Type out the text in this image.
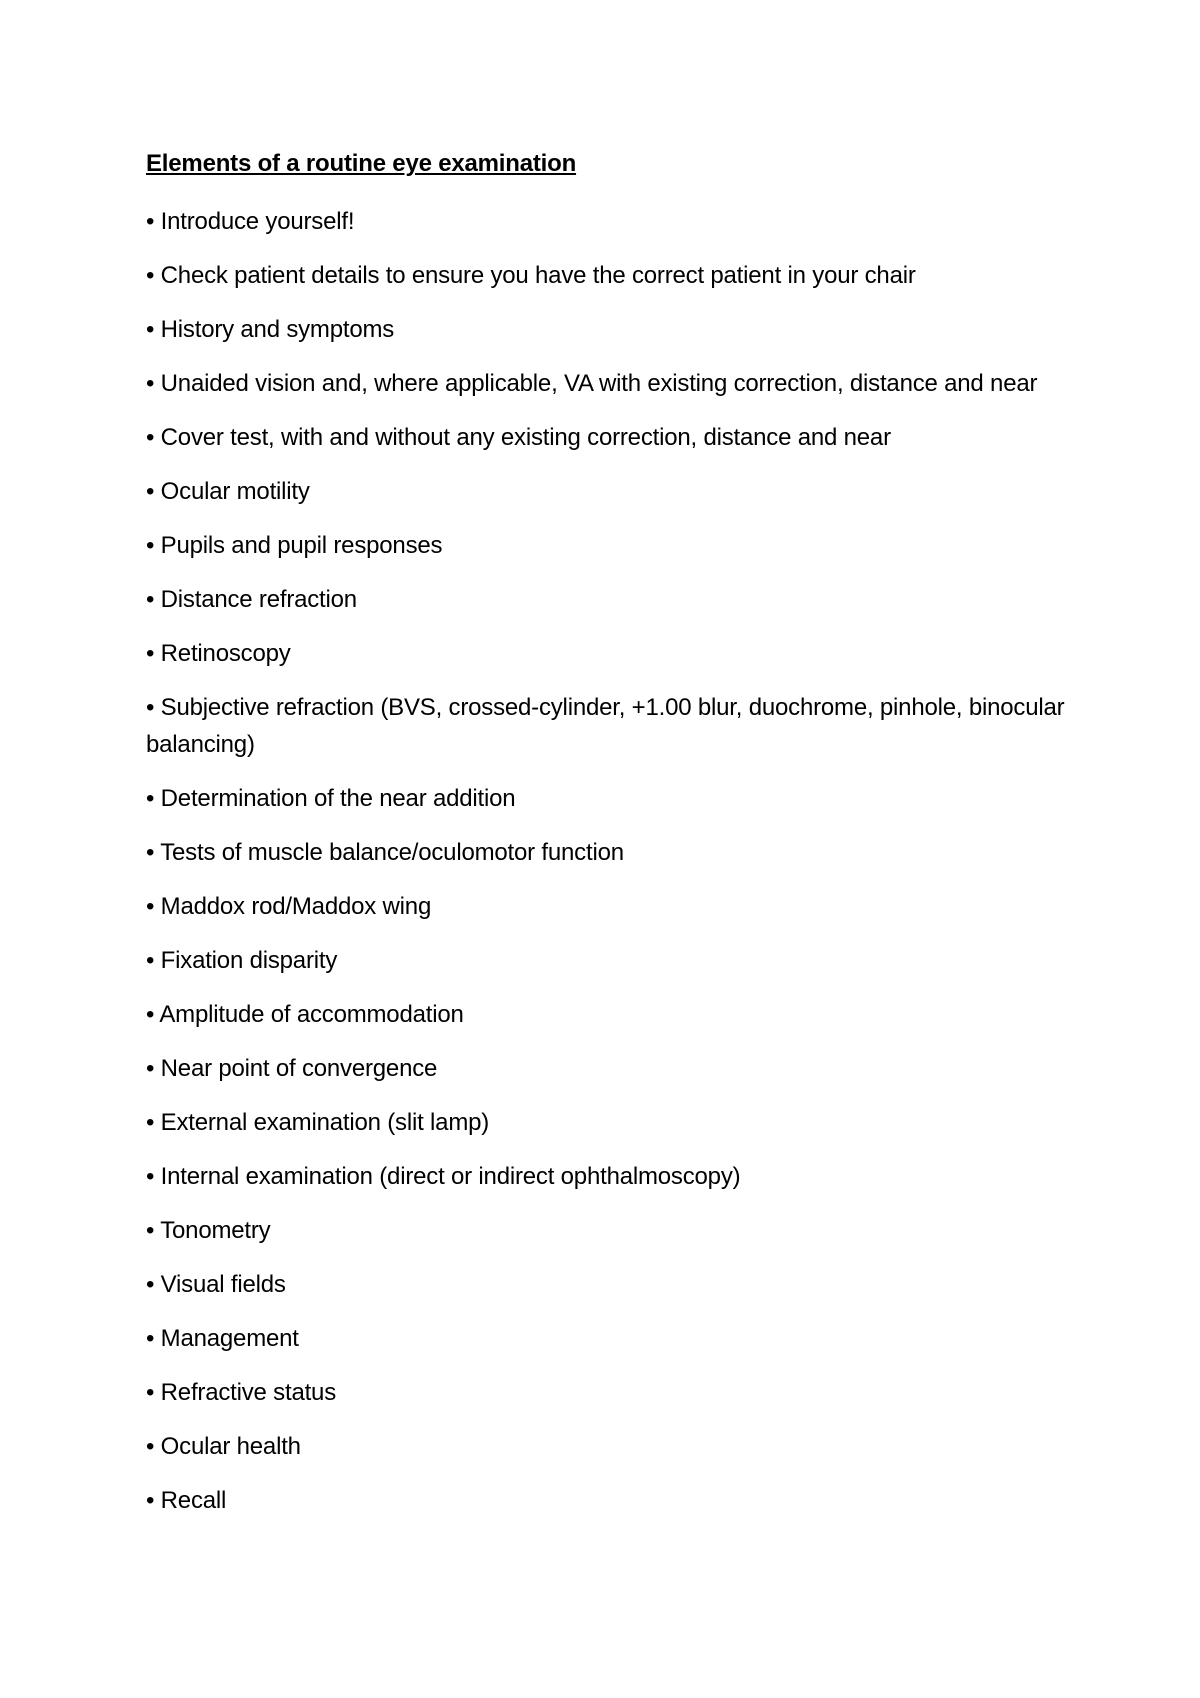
Elements of a routine eye examination
• Introduce yourself!
• Check patient details to ensure you have the correct patient in your chair
• History and symptoms
• Unaided vision and, where applicable, VA with existing correction, distance and near
• Cover test, with and without any existing correction, distance and near
• Ocular motility
• Pupils and pupil responses
• Distance refraction
• Retinoscopy
• Subjective refraction (BVS, crossed-cylinder, +1.00 blur, duochrome, pinhole, binocular balancing)
• Determination of the near addition
• Tests of muscle balance/oculomotor function
• Maddox rod/Maddox wing
• Fixation disparity
• Amplitude of accommodation
• Near point of convergence
• External examination (slit lamp)
• Internal examination (direct or indirect ophthalmoscopy)
• Tonometry
• Visual fields
• Management
• Refractive status
• Ocular health
• Recall
